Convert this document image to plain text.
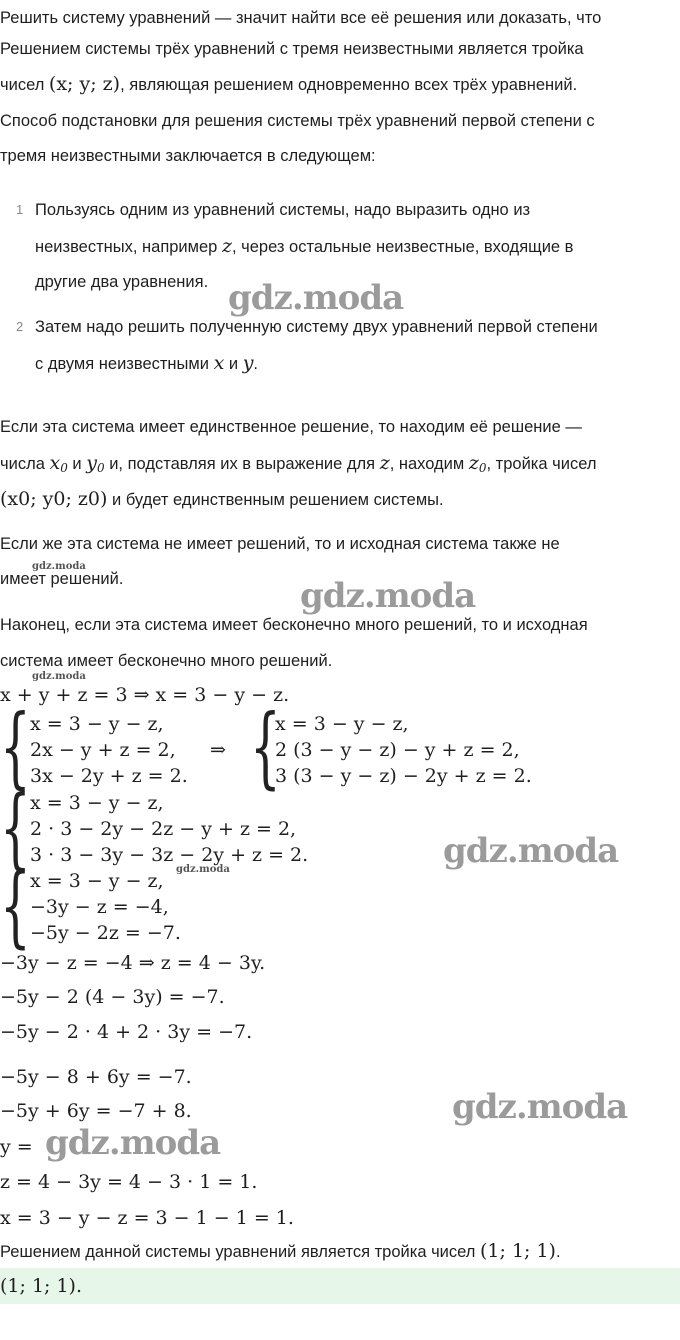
Решить систему уравнений — значит найти все её решения или доказать, что

Решением системы трёх уравнений с тремя неизвестными является тройка

чисел (x; y; z), являющая решением одновременно всех трёх уравнений.

Способ подстановки для решения системы трёх уравнений первой степени с

тремя неизвестными заключается в следующем:

1 Пользуясь одним из уравнений системы, надо выразить одно из
неизвестных, например z, через остальные неизвестные, входящие в
другие два уравнения.
2 Затем надо решить полученную систему двух уравнений первой степени
с двумя неизвестными x и y.

Если эта система имеет единственное решение, то находим её решение —

числа $x_0$ и $y_0$ и, подставляя их в выражение для z, находим $z_0$, тройка чисел

(x0; y0; z0) и будет единственным решением системы.

Если же эта система не имеет решений, то и исходная система также не

имеет решений.

Наконец, если эта система имеет бесконечно много решений, то и исходная

система имеет бесконечно много решений.

x + y + z = 3 ⇒ x = 3 − y − z.
{ x = 3 − y − z,
2x − y + z = 2,
3x − 2y + z = 2.
⇒ {
x = 3 − y − z,
2 (3 − y − z) − y + z = 2,
3 (3 − y − z) − 2y + z = 2.
{ x = 3 − y − z,
2 · 3 − 2y − 2z − y + z = 2,
3 · 3 − 3y − 3z − 2y + z = 2.
{ x = 3 − y − z,
−3y − z = −4,
−5y − 2z = −7.
−3y − z = −4 ⇒ z = 4 − 3y.
−5y − 2 (4 − 3y) = −7.
−5y − 2 · 4 + 2 · 3y = −7.
−5y − 8 + 6y = −7.
−5y + 6y = −7 + 8.
y =
z = 4 − 3y = 4 − 3 · 1 = 1.
x = 3 − y − z = 3 − 1 − 1 = 1.

Решением данной системы уравнений является тройка чисел (1; 1; 1).

(1; 1; 1).
gdz.moda
gdz.moda
gdz.moda
gdz.moda
gdz.moda	gdz.moda
gdz.moda
gdz.moda
